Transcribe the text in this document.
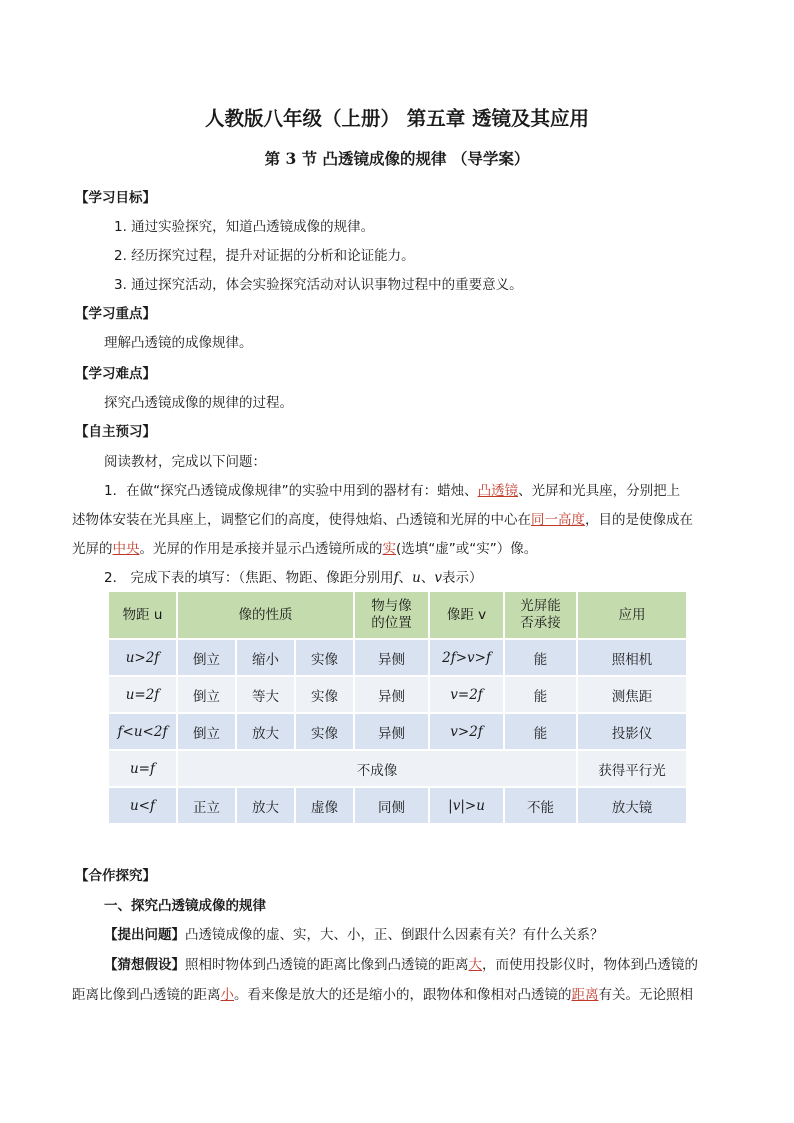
人教版八年级（上册） 第五章 透镜及其应用
第 3 节 凸透镜成像的规律 （导学案）
【学习目标】
1. 通过实验探究，知道凸透镜成像的规律。
2. 经历探究过程，提升对证据的分析和论证能力。
3. 通过探究活动，体会实验探究活动对认识事物过程中的重要意义。
【学习重点】
理解凸透镜的成像规律。
【学习难点】
探究凸透镜成像的规律的过程。
【自主预习】
阅读教材，完成以下问题：
1．在做“探究凸透镜成像规律”的实验中用到的器材有：蜡烛、凸透镜、光屏和光具座，分别把上
述物体安装在光具座上，调整它们的高度，使得烛焰、凸透镜和光屏的中心在同一高度，目的是使像成在
光屏的中央。光屏的作用是承接并显示凸透镜所成的实(选填“虚”或“实”）像。
2． 完成下表的填写：（焦距、物距、像距分别用f、u、v表示）
物距 u	像的性质			物与像的位置	像距 v	光屏能否承接	应用
u>2f	倒立	缩小	实像	异侧	2f>v>f	能	照相机
u=2f	倒立	等大	实像	异侧	v=2f	能	测焦距
f<u<2f	倒立	放大	实像	异侧	v>2f	能	投影仪
u=f	不成像						获得平行光
u<f	正立	放大	虚像	同侧	|v|>u	不能	放大镜
【合作探究】
一、探究凸透镜成像的规律
【提出问题】凸透镜成像的虚、实，大、小，正、倒跟什么因素有关？有什么关系？
【猜想假设】照相时物体到凸透镜的距离比像到凸透镜的距离大，而使用投影仪时，物体到凸透镜的
距离比像到凸透镜的距离小。看来像是放大的还是缩小的，跟物体和像相对凸透镜的距离有关。无论照相
